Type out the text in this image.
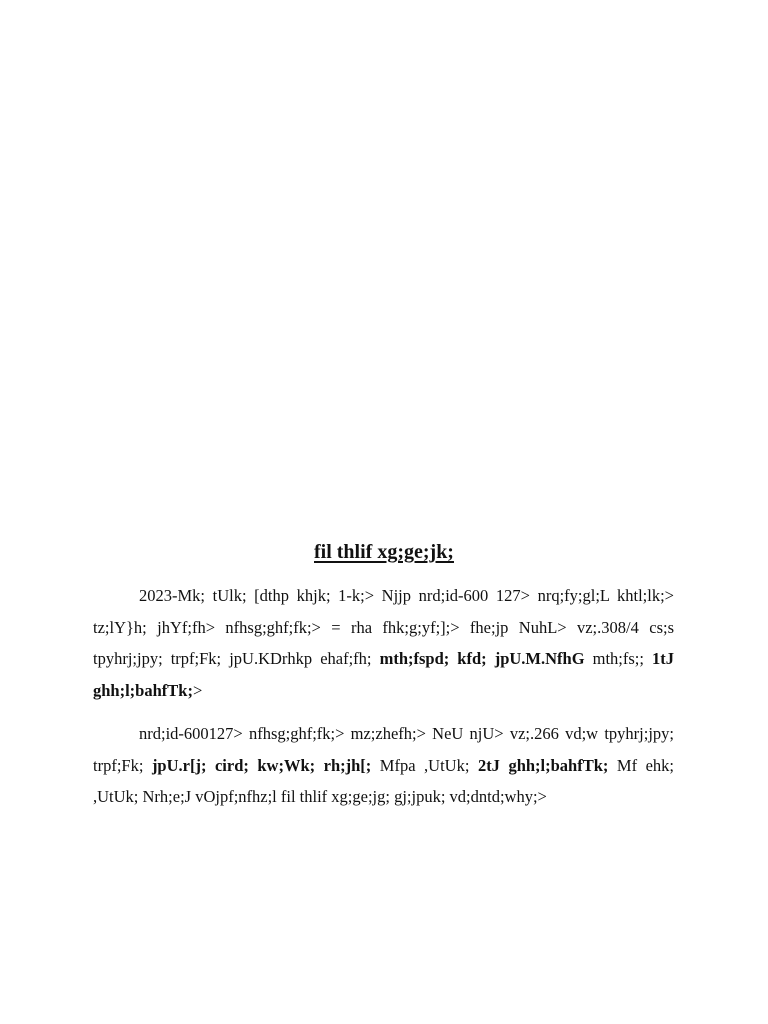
fil thlif xg;ge;jk;

2023-Mk; tUlk; [dthp khjk; 1-k;> Njjp nrd;id-600 127> nrq;fy;gl;L khtl;lk;> tz;lY}h; jhYf;fh> nfhsg;ghf;fk;> = rha fhk;g;yf;];> fhe;jp NuhL> vz;.308/4 cs;s tpyhrj;jpy; trpf;Fk; jpU.KDrhkp ehaf;fh; mth;fspd; kfd; jpU.M.NfhG mth;fs;; 1tJ ghh;l;bahfTk;>

nrd;id-600127> nfhsg;ghf;fk;> mz;zhefh;> NeU njU> vz;.266 vd;w tpyhrj;jpy; trpf;Fk; jpU.r[j; cird; kw;Wk; rh;jh[; Mfpa ,UtUk; 2tJ ghh;l;bahfTk; Mf ehk; ,UtUk; Nrh;e;J vOjpf;nfhz;l fil thlif xg;ge;jg; gj;jpuk; vd;dntd;why;>
